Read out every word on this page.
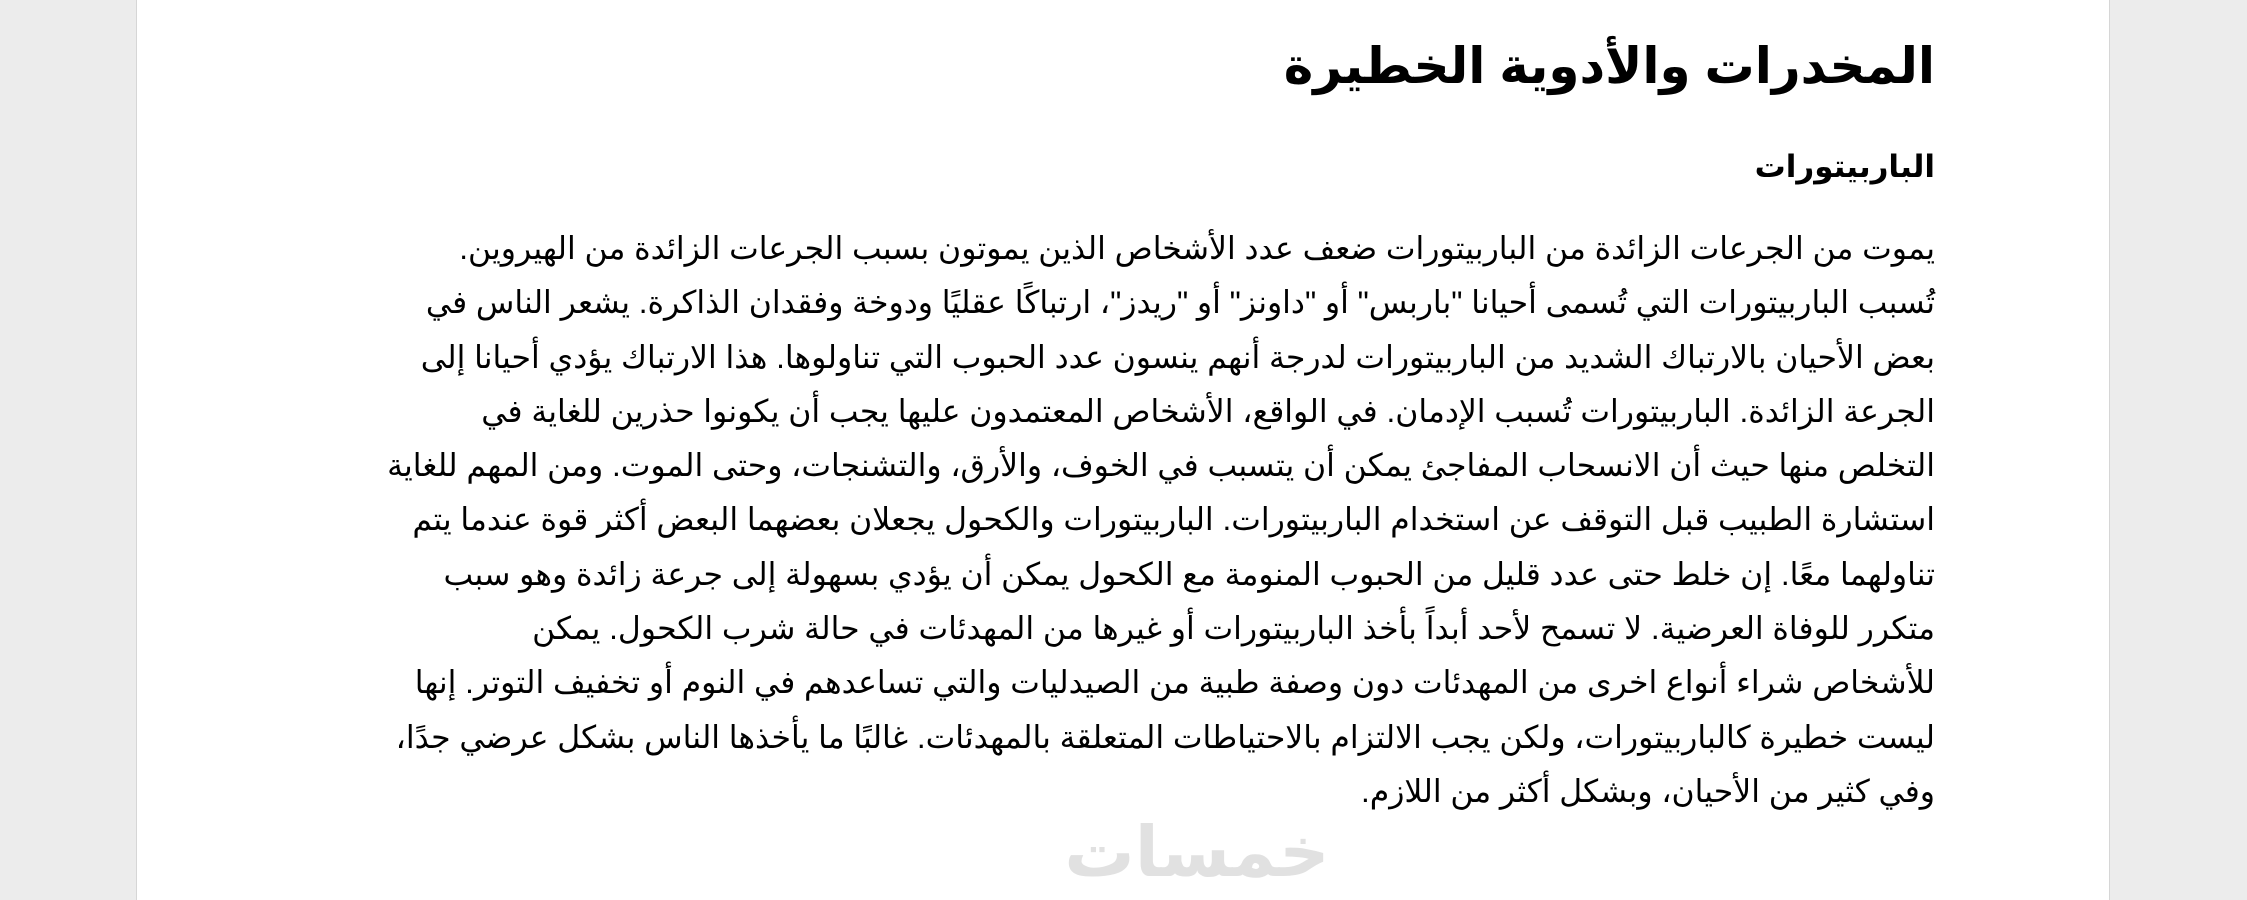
المخدرات والأدوية الخطيرة
الباربيتورات

يموت من الجرعات الزائدة من الباربيتورات ضعف عدد الأشخاص الذين يموتون بسبب الجرعات الزائدة من الهيروين.
تُسبب الباربيتورات التي تُسمى أحيانا "باربس" أو "داونز" أو "ريدز"، ارتباكًا عقليًا ودوخة وفقدان الذاكرة. يشعر الناس في
بعض الأحيان بالارتباك الشديد من الباربيتورات لدرجة أنهم ينسون عدد الحبوب التي تناولوها. هذا الارتباك يؤدي أحيانا إلى
الجرعة الزائدة. الباربيتورات تُسبب الإدمان. في الواقع، الأشخاص المعتمدون عليها يجب أن يكونوا حذرين للغاية في
التخلص منها حيث أن الانسحاب المفاجئ يمكن أن يتسبب في الخوف، والأرق، والتشنجات، وحتى الموت. ومن المهم للغاية
استشارة الطبيب قبل التوقف عن استخدام الباربيتورات. الباربيتورات والكحول يجعلان بعضهما البعض أكثر قوة عندما يتم
تناولهما معًا. إن خلط حتى عدد قليل من الحبوب المنومة مع الكحول يمكن أن يؤدي بسهولة إلى جرعة زائدة وهو سبب
متكرر للوفاة العرضية. لا تسمح لأحد أبداً بأخذ الباربيتورات أو غيرها من المهدئات في حالة شرب الكحول. يمكن
للأشخاص شراء أنواع اخرى من المهدئات دون وصفة طبية من الصيدليات والتي تساعدهم في النوم أو تخفيف التوتر. إنها
ليست خطيرة كالباربيتورات، ولكن يجب الالتزام بالاحتياطات المتعلقة بالمهدئات. غالبًا ما يأخذها الناس بشكل عرضي جدًا،
وفي كثير من الأحيان، وبشكل أكثر من اللازم.

خمسات
